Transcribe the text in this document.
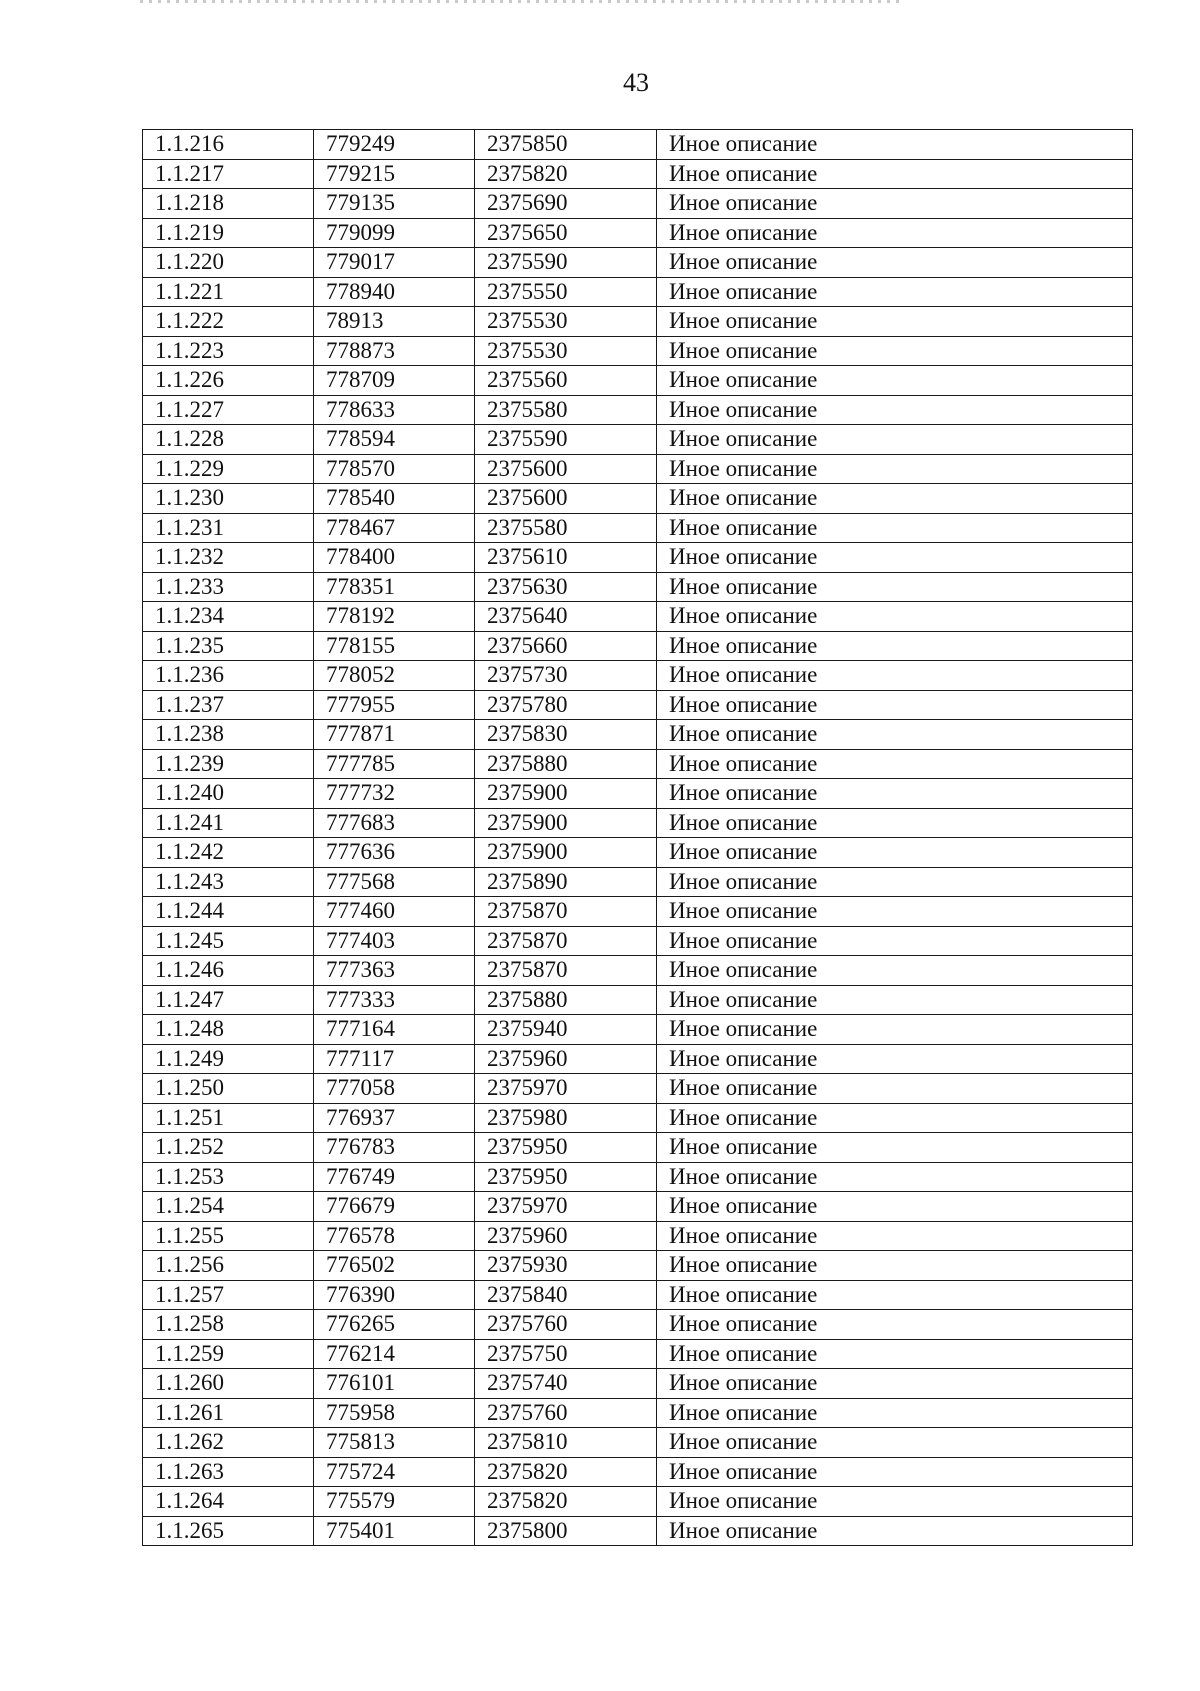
43
1.1.216	779249	2375850	Иное описание
1.1.217	779215	2375820	Иное описание
1.1.218	779135	2375690	Иное описание
1.1.219	779099	2375650	Иное описание
1.1.220	779017	2375590	Иное описание
1.1.221	778940	2375550	Иное описание
1.1.222	78913	2375530	Иное описание
1.1.223	778873	2375530	Иное описание
1.1.226	778709	2375560	Иное описание
1.1.227	778633	2375580	Иное описание
1.1.228	778594	2375590	Иное описание
1.1.229	778570	2375600	Иное описание
1.1.230	778540	2375600	Иное описание
1.1.231	778467	2375580	Иное описание
1.1.232	778400	2375610	Иное описание
1.1.233	778351	2375630	Иное описание
1.1.234	778192	2375640	Иное описание
1.1.235	778155	2375660	Иное описание
1.1.236	778052	2375730	Иное описание
1.1.237	777955	2375780	Иное описание
1.1.238	777871	2375830	Иное описание
1.1.239	777785	2375880	Иное описание
1.1.240	777732	2375900	Иное описание
1.1.241	777683	2375900	Иное описание
1.1.242	777636	2375900	Иное описание
1.1.243	777568	2375890	Иное описание
1.1.244	777460	2375870	Иное описание
1.1.245	777403	2375870	Иное описание
1.1.246	777363	2375870	Иное описание
1.1.247	777333	2375880	Иное описание
1.1.248	777164	2375940	Иное описание
1.1.249	777117	2375960	Иное описание
1.1.250	777058	2375970	Иное описание
1.1.251	776937	2375980	Иное описание
1.1.252	776783	2375950	Иное описание
1.1.253	776749	2375950	Иное описание
1.1.254	776679	2375970	Иное описание
1.1.255	776578	2375960	Иное описание
1.1.256	776502	2375930	Иное описание
1.1.257	776390	2375840	Иное описание
1.1.258	776265	2375760	Иное описание
1.1.259	776214	2375750	Иное описание
1.1.260	776101	2375740	Иное описание
1.1.261	775958	2375760	Иное описание
1.1.262	775813	2375810	Иное описание
1.1.263	775724	2375820	Иное описание
1.1.264	775579	2375820	Иное описание
1.1.265	775401	2375800	Иное описание
